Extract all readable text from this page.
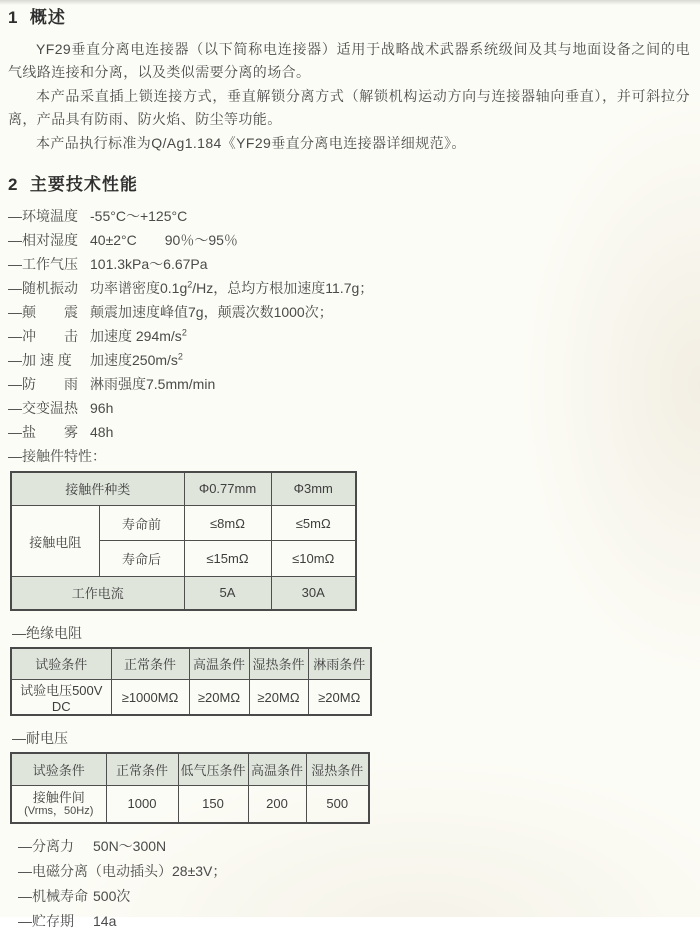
1  概述

YF29垂直分离电连接器（以下简称电连接器）适用于战略战术武器系统级间及其与地面设备之间的电气线路连接和分离，以及类似需要分离的场合。

本产品采直插上锁连接方式，垂直解锁分离方式（解锁机构运动方向与连接器轴向垂直），并可斜拉分离，产品具有防雨、防火焰、防尘等功能。

本产品执行标准为Q/Ag1.184《YF29垂直分离电连接器详细规范》。

2  主要技术性能
—环境温度 -55°C～+125°C
—相对湿度 40±2°C　　90％～95％
—工作气压 101.3kPa～6.67Pa
—随机振动 功率谱密度$0.1g^2/Hz$，总均方根加速度11.7g；
—颠　　震 颠震加速度峰值7g，颠震次数1000次；
—冲　　击 加速度 $294m/s^2$
—加 速 度	加速度$250m/s^2$
—防　　雨 淋雨强度7.5mm/min
—交变温热 96h
—盐　　雾 48h
—接触件特性：
接触件种类		Φ0.77mm	Φ3mm
接触电阻	寿命前	≤8mΩ	≤5mΩ
	寿命后	≤15mΩ	≤10mΩ
工作电流		5A	30A
—绝缘电阻
试验条件	正常条件	高温条件	湿热条件	淋雨条件
试验电压500V DC	≥1000MΩ	≥20MΩ	≥20MΩ	≥20MΩ
—耐电压
试验条件	正常条件	低气压条件	高温条件	湿热条件

接触件间
(Vrms，50Hz)	1000	150	200	500
—分离力	50N～300N
—电磁分离（电动插头） 28±3V；
—机械寿命 500次
—贮存期	14a
